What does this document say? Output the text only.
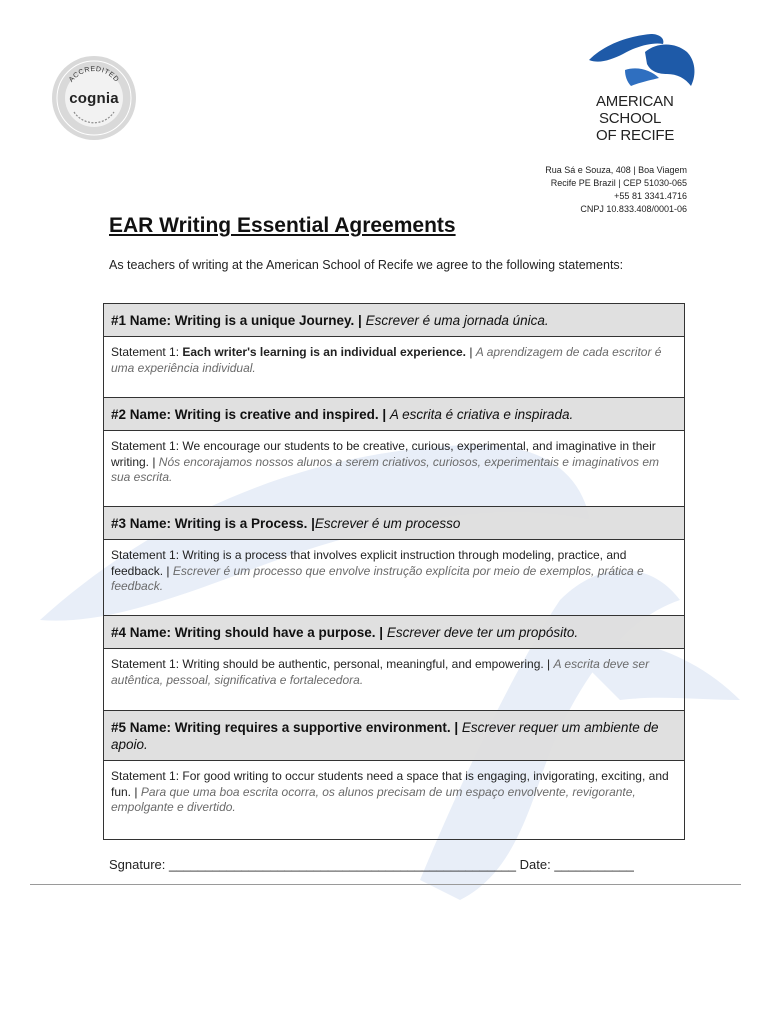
ACCREDITED
cognia	AMERICAN
SCHOOL
OF RECIFE
Rua Sá e Souza, 408 | Boa Viagem
Recife PE Brazil | CEP 51030-065
+55 81 3341.4716
CNPJ 10.833.408/0001-06
EAR Writing Essential Agreements
As teachers of writing at the American School of Recife we agree to the following statements:
#1 Name: Writing is a unique Journey. | Escrever é uma jornada única.
Statement 1: Each writer's learning is an individual experience. | A aprendizagem de cada escritor é uma experiência individual.
#2 Name: Writing is creative and inspired. | A escrita é criativa e inspirada.
Statement 1: We encourage our students to be creative, curious, experimental, and imaginative in their writing. | Nós encorajamos nossos alunos a serem criativos, curiosos, experimentais e imaginativos em sua escrita.
#3 Name: Writing is a Process. |Escrever é um processo
Statement 1: Writing is a process that involves explicit instruction through modeling, practice, and feedback. | Escrever é um processo que envolve instrução explícita por meio de exemplos, prática e feedback.
#4 Name: Writing should have a purpose. | Escrever deve ter um propósito.
Statement 1: Writing should be authentic, personal, meaningful, and empowering. | A escrita deve ser autêntica, pessoal, significativa e fortalecedora.
#5 Name: Writing requires a supportive environment. | Escrever requer um ambiente de apoio.
Statement 1: For good writing to occur students need a space that is engaging, invigorating, exciting, and fun. | Para que uma boa escrita ocorra, os alunos precisam de um espaço envolvente, revigorante, empolgante e divertido.
Sgnature: ________________________________________________ Date: ___________
